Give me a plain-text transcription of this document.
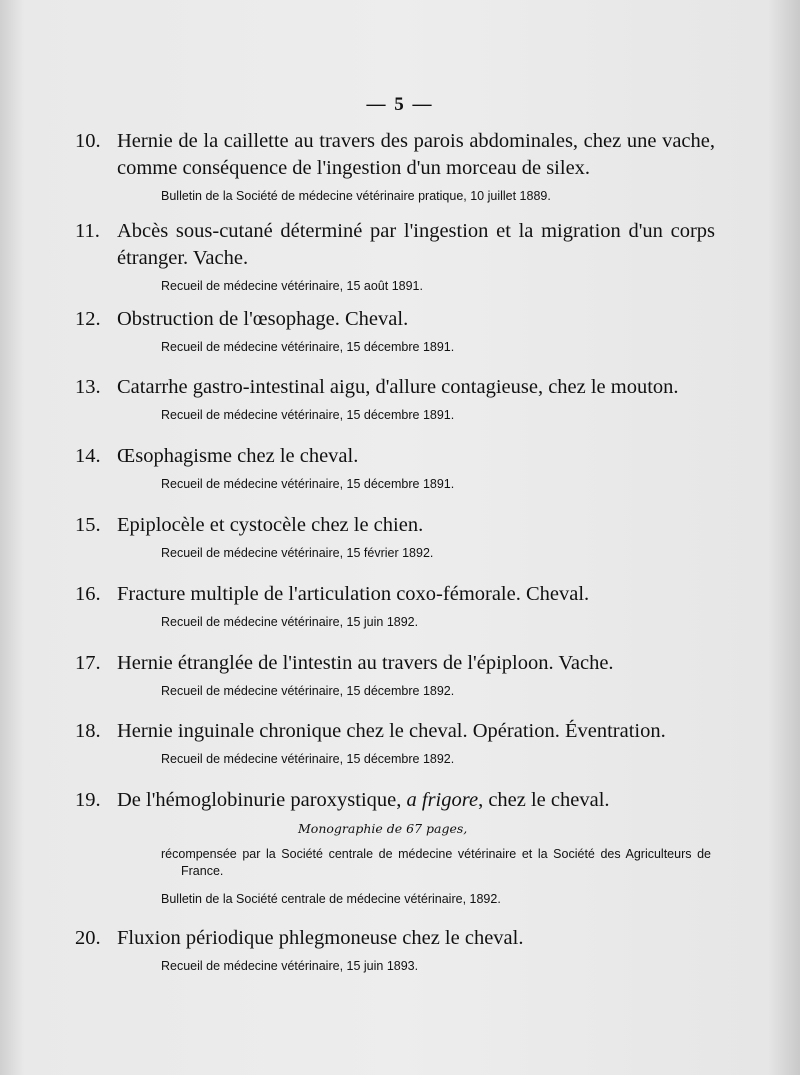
— 5 —
10. Hernie de la caillette au travers des parois abdominales, chez une vache, comme conséquence de l'ingestion d'un morceau de silex.
Bulletin de la Société de médecine vétérinaire pratique, 10 juillet 1889.
11. Abcès sous-cutané déterminé par l'ingestion et la migration d'un corps étranger. Vache.
Recueil de médecine vétérinaire, 15 août 1891.
12. Obstruction de l'œsophage. Cheval.
Recueil de médecine vétérinaire, 15 décembre 1891.
13. Catarrhe gastro-intestinal aigu, d'allure contagieuse, chez le mouton.
Recueil de médecine vétérinaire, 15 décembre 1891.
14. Œsophagisme chez le cheval.
Recueil de médecine vétérinaire, 15 décembre 1891.
15. Epiplocèle et cystocèle chez le chien.
Recueil de médecine vétérinaire, 15 février 1892.
16. Fracture multiple de l'articulation coxo-fémorale. Cheval.
Recueil de médecine vétérinaire, 15 juin 1892.
17. Hernie étranglée de l'intestin au travers de l'épiploon. Vache.
Recueil de médecine vétérinaire, 15 décembre 1892.
18. Hernie inguinale chronique chez le cheval. Opération. Éventration.
Recueil de médecine vétérinaire, 15 décembre 1892.
19. De l'hémoglobinurie paroxystique, a frigore, chez le cheval.
Monographie de 67 pages,
récompensée par la Société centrale de médecine vétérinaire et la Société des Agriculteurs de France.
Bulletin de la Société centrale de médecine vétérinaire, 1892.
20. Fluxion périodique phlegmoneuse chez le cheval.
Recueil de médecine vétérinaire, 15 juin 1893.
